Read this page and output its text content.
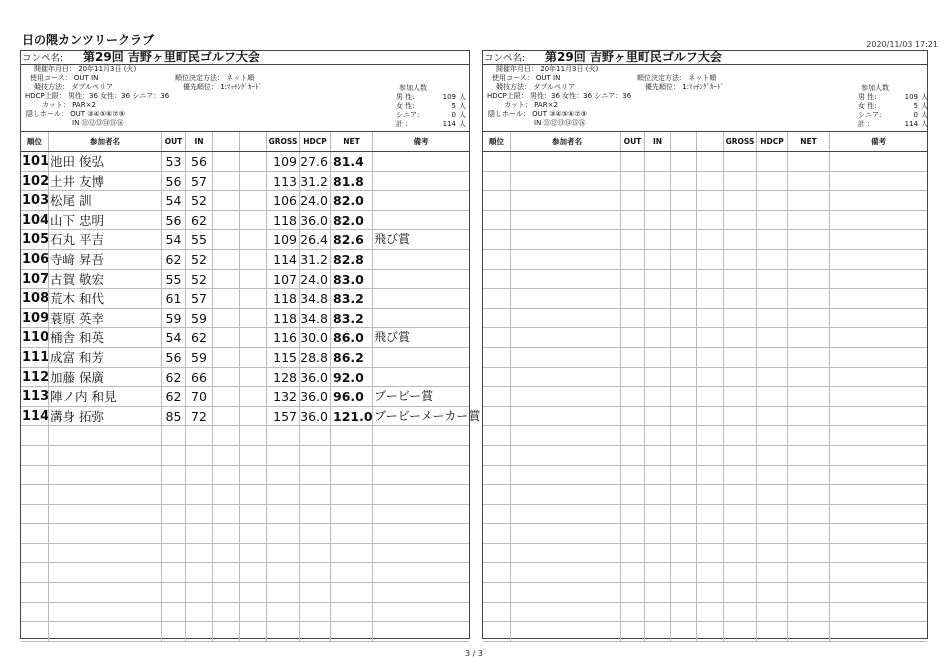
日の隈カンツリークラブ	2020/11/03 17:21
コンペ名: 第29回 吉野ヶ里町民ゴルフ大会
開催年月日： 20年11月3日 (火)
使用コース： OUT IN	順位決定方法： ネット順
競技方法： ダブルペリア	優先順位： 1:ﾏｯﾁﾝｸﾞｶｰﾄﾞ
HDCP上限： 男性：36 女性：36 シニア：36
カット： PAR×2
隠しホール： OUT ③④⑤⑥⑦⑨
IN ⑪⑫⑬⑭⑮⑯
参加人数
男 性:	109 人
女 性:	5 人
シニア:	0 人
計 :	114 人
順位	参加者名	OUT	IN	GROSS HDCP	NET	備考
101 池田 俊弘	53 56	109 27.6 81.4
102 土井 友博	56 57	113 31.2 81.8
103 松尾 訓	54 52	106 24.0 82.0
104 山下 忠明	56 62	118 36.0 82.0
105 石丸 平吉	54 55	109 26.4 82.6 飛び賞
106 寺﨑 昇吾	62 52	114 31.2 82.8
107 古賀 敬宏	55 52	107 24.0 83.0
108 荒木 和代	61 57	118 34.8 83.2
109 蓑原 英幸	59 59	118 34.8 83.2
110 桶舎 和英	54 62	116 30.0 86.0 飛び賞
111 成富 和芳	56 59	115 28.8 86.2
112 加藤 保廣	62 66	128 36.0 92.0
113 陣ノ内 和見	62 70	132 36.0 96.0 ブービー賞
114 溝身 拓弥	85 72	157 36.0 121.0 ブービーメーカー賞
コンペ名: 第29回 吉野ヶ里町民ゴルフ大会
開催年月日： 20年11月3日 (火)
使用コース： OUT IN	順位決定方法： ネット順
競技方法： ダブルペリア	優先順位： 1:ﾏｯﾁﾝｸﾞｶｰﾄﾞ
HDCP上限： 男性：36 女性：36 シニア：36
カット： PAR×2
隠しホール： OUT ③④⑤⑥⑦⑨
IN ⑪⑫⑬⑭⑮⑯
参加人数
男 性:	109 人
女 性:	5 人
シニア:	0 人
計 :	114 人
順位	参加者名	OUT	IN	GROSS HDCP	NET	備考
3 / 3
